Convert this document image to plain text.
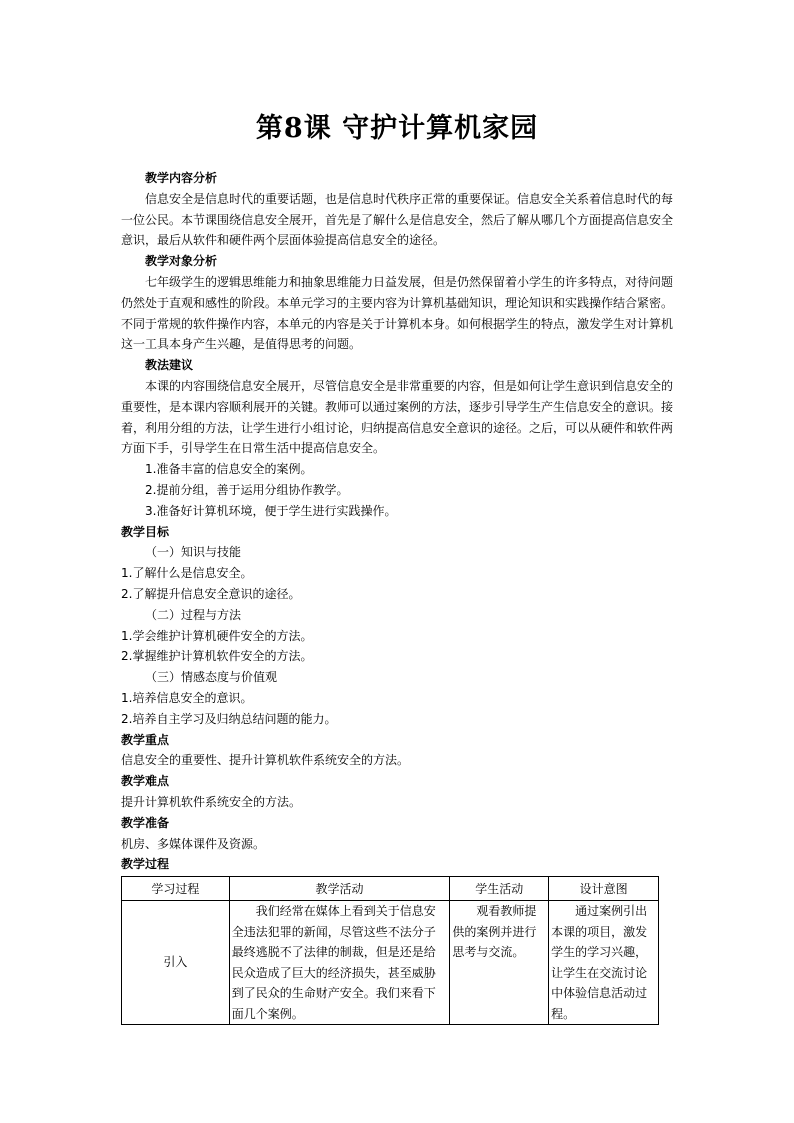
第8课 守护计算机家园
教学内容分析
信息安全是信息时代的重要话题，也是信息时代秩序正常的重要保证。信息安全关系着信息时代的每一位公民。本节课围绕信息安全展开，首先是了解什么是信息安全，然后了解从哪几个方面提高信息安全意识，最后从软件和硬件两个层面体验提高信息安全的途径。
教学对象分析
七年级学生的逻辑思维能力和抽象思维能力日益发展，但是仍然保留着小学生的许多特点，对待问题仍然处于直观和感性的阶段。本单元学习的主要内容为计算机基础知识，理论知识和实践操作结合紧密。不同于常规的软件操作内容，本单元的内容是关于计算机本身。如何根据学生的特点，激发学生对计算机这一工具本身产生兴趣，是值得思考的问题。
教法建议
本课的内容围绕信息安全展开，尽管信息安全是非常重要的内容，但是如何让学生意识到信息安全的重要性，是本课内容顺利展开的关键。教师可以通过案例的方法，逐步引导学生产生信息安全的意识。接着，利用分组的方法，让学生进行小组讨论，归纳提高信息安全意识的途径。之后，可以从硬件和软件两方面下手，引导学生在日常生活中提高信息安全。
1.准备丰富的信息安全的案例。
2.提前分组，善于运用分组协作教学。
3.准备好计算机环境，便于学生进行实践操作。
教学目标
（一）知识与技能
1.了解什么是信息安全。
2.了解提升信息安全意识的途径。
（二）过程与方法
1.学会维护计算机硬件安全的方法。
2.掌握维护计算机软件安全的方法。
（三）情感态度与价值观
1.培养信息安全的意识。
2.培养自主学习及归纳总结问题的能力。
教学重点
信息安全的重要性、提升计算机软件系统安全的方法。
教学难点
提升计算机软件系统安全的方法。
教学准备
机房、多媒体课件及资源。
教学过程
学习过程	教学活动	学生活动	设计意图
引入	我们经常在媒体上看到关于信息安全违法犯罪的新闻，尽管这些不法分子最终逃脱不了法律的制裁，但是还是给民众造成了巨大的经济损失，甚至威胁到了民众的生命财产安全。我们来看下面几个案例。	观看教师提供的案例并进行思考与交流。	通过案例引出本课的项目，激发学生的学习兴趣，让学生在交流讨论中体验信息活动过程。
